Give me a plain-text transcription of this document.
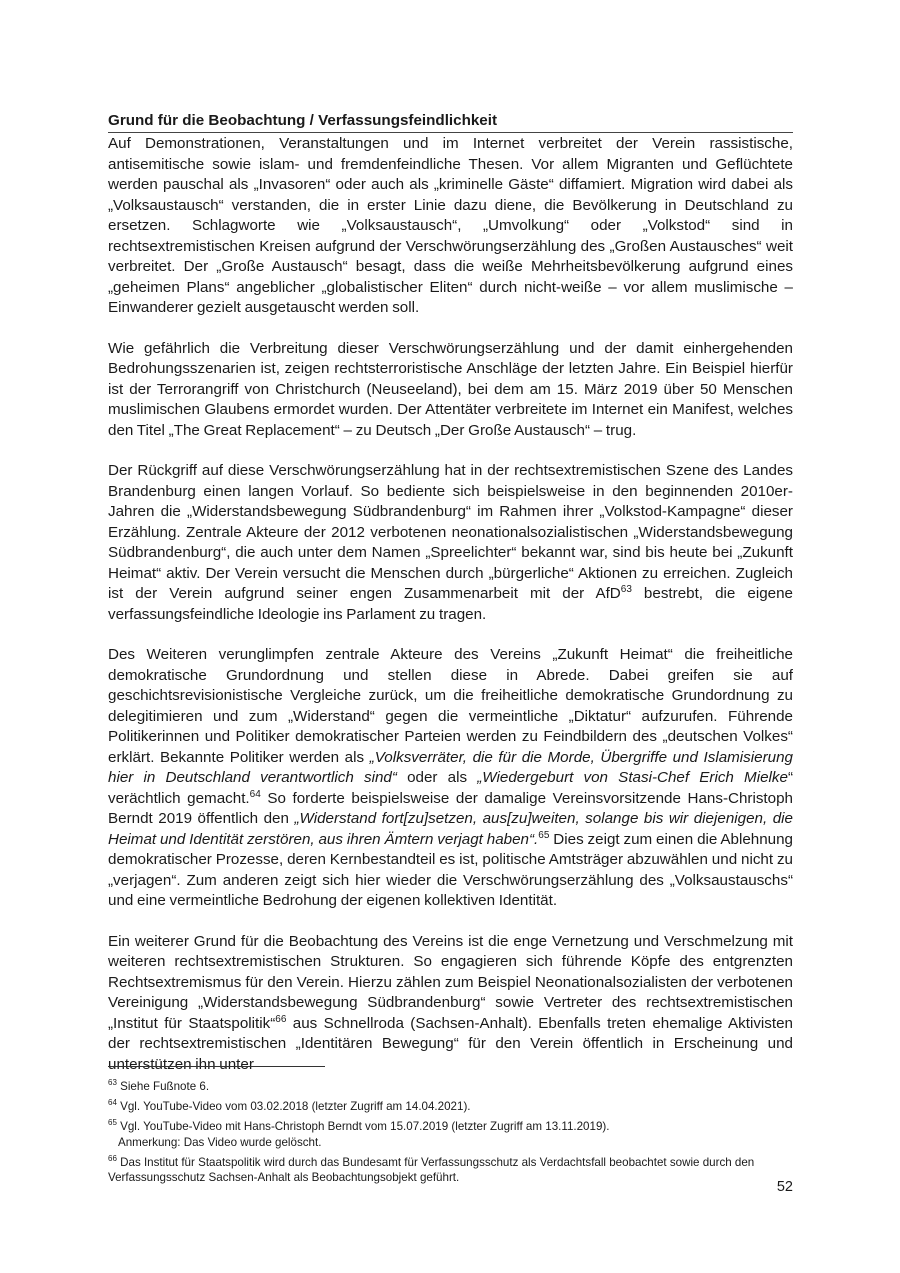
Grund für die Beobachtung / Verfassungsfeindlichkeit

Auf Demonstrationen, Veranstaltungen und im Internet verbreitet der Verein rassistische, antisemitische sowie islam- und fremdenfeindliche Thesen. Vor allem Migranten und Geflüchtete werden pauschal als „Invasoren“ oder auch als „kriminelle Gäste“ diffamiert. Migration wird dabei als „Volksaustausch“ verstanden, die in erster Linie dazu diene, die Bevölkerung in Deutschland zu ersetzen. Schlagworte wie „Volksaustausch“, „Umvolkung“ oder „Volkstod“ sind in rechtsextremistischen Kreisen aufgrund der Verschwörungserzählung des „Großen Austausches“ weit verbreitet. Der „Große Austausch“ besagt, dass die weiße Mehrheitsbevölkerung aufgrund eines „geheimen Plans“ angeblicher „globalistischer Eliten“ durch nicht-weiße – vor allem muslimische – Einwanderer gezielt ausgetauscht werden soll.

Wie gefährlich die Verbreitung dieser Verschwörungserzählung und der damit einhergehenden Bedrohungsszenarien ist, zeigen rechtsterroristische Anschläge der letzten Jahre. Ein Beispiel hierfür ist der Terrorangriff von Christchurch (Neuseeland), bei dem am 15. März 2019 über 50 Menschen muslimischen Glaubens ermordet wurden. Der Attentäter verbreitete im Internet ein Manifest, welches den Titel „The Great Replacement“ – zu Deutsch „Der Große Austausch“ – trug.

Der Rückgriff auf diese Verschwörungserzählung hat in der rechtsextremistischen Szene des Landes Brandenburg einen langen Vorlauf. So bediente sich beispielsweise in den beginnenden 2010er-Jahren die „Widerstandsbewegung Südbrandenburg“ im Rahmen ihrer „Volkstod-Kampagne“ dieser Erzählung. Zentrale Akteure der 2012 verbotenen neonationalsozialistischen „Widerstandsbewegung Südbrandenburg“, die auch unter dem Namen „Spreelichter“ bekannt war, sind bis heute bei „Zukunft Heimat“ aktiv. Der Verein versucht die Menschen durch „bürgerliche“ Aktionen zu erreichen. Zugleich ist der Verein aufgrund seiner engen Zusammenarbeit mit der AfD$^{63}$ bestrebt, die eigene verfassungsfeindliche Ideologie ins Parlament zu tragen.

Des Weiteren verunglimpfen zentrale Akteure des Vereins „Zukunft Heimat“ die freiheitliche demokratische Grundordnung und stellen diese in Abrede. Dabei greifen sie auf geschichtsrevisionistische Vergleiche zurück, um die freiheitliche demokratische Grundordnung zu delegitimieren und zum „Widerstand“ gegen die vermeintliche „Diktatur“ aufzurufen. Führende Politikerinnen und Politiker demokratischer Parteien werden zu Feindbildern des „deutschen Volkes“ erklärt. Bekannte Politiker werden als „Volksverräter, die für die Morde, Übergriffe und Islamisierung hier in Deutschland verantwortlich sind“ oder als „Wiedergeburt von Stasi-Chef Erich Mielke“ verächtlich gemacht.$^{64}$ So forderte beispielsweise der damalige Vereinsvorsitzende Hans-Christoph Berndt 2019 öffentlich den „Widerstand fort[zu]setzen, aus[zu]weiten, solange bis wir diejenigen, die Heimat und Identität zerstören, aus ihren Ämtern verjagt haben“.$^{65}$ Dies zeigt zum einen die Ablehnung demokratischer Prozesse, deren Kernbestandteil es ist, politische Amtsträger abzuwählen und nicht zu „verjagen“. Zum anderen zeigt sich hier wieder die Verschwörungserzählung des „Volksaustauschs“ und eine vermeintliche Bedrohung der eigenen kollektiven Identität.

Ein weiterer Grund für die Beobachtung des Vereins ist die enge Vernetzung und Verschmelzung mit weiteren rechtsextremistischen Strukturen. So engagieren sich führende Köpfe des entgrenzten Rechtsextremismus für den Verein. Hierzu zählen zum Beispiel Neonationalsozialisten der verbotenen Vereinigung „Widerstandsbewegung Südbrandenburg“ sowie Vertreter des rechtsextremistischen „Institut für Staatspolitik“$^{66}$ aus Schnellroda (Sachsen-Anhalt). Ebenfalls treten ehemalige Aktivisten der rechtsextremistischen „Identitären Bewegung“ für den Verein öffentlich in Erscheinung und unterstützen ihn unter

$^{63}$ Siehe Fußnote 6.

$^{64}$ Vgl. YouTube-Video vom 03.02.2018 (letzter Zugriff am 14.04.2021).

$^{65}$ Vgl. YouTube-Video mit Hans-Christoph Berndt vom 15.07.2019 (letzter Zugriff am 13.11.2019).
Anmerkung: Das Video wurde gelöscht.

$^{66}$ Das Institut für Staatspolitik wird durch das Bundesamt für Verfassungsschutz als Verdachtsfall beobachtet sowie durch den Verfassungsschutz Sachsen-Anhalt als Beobachtungsobjekt geführt.

52
